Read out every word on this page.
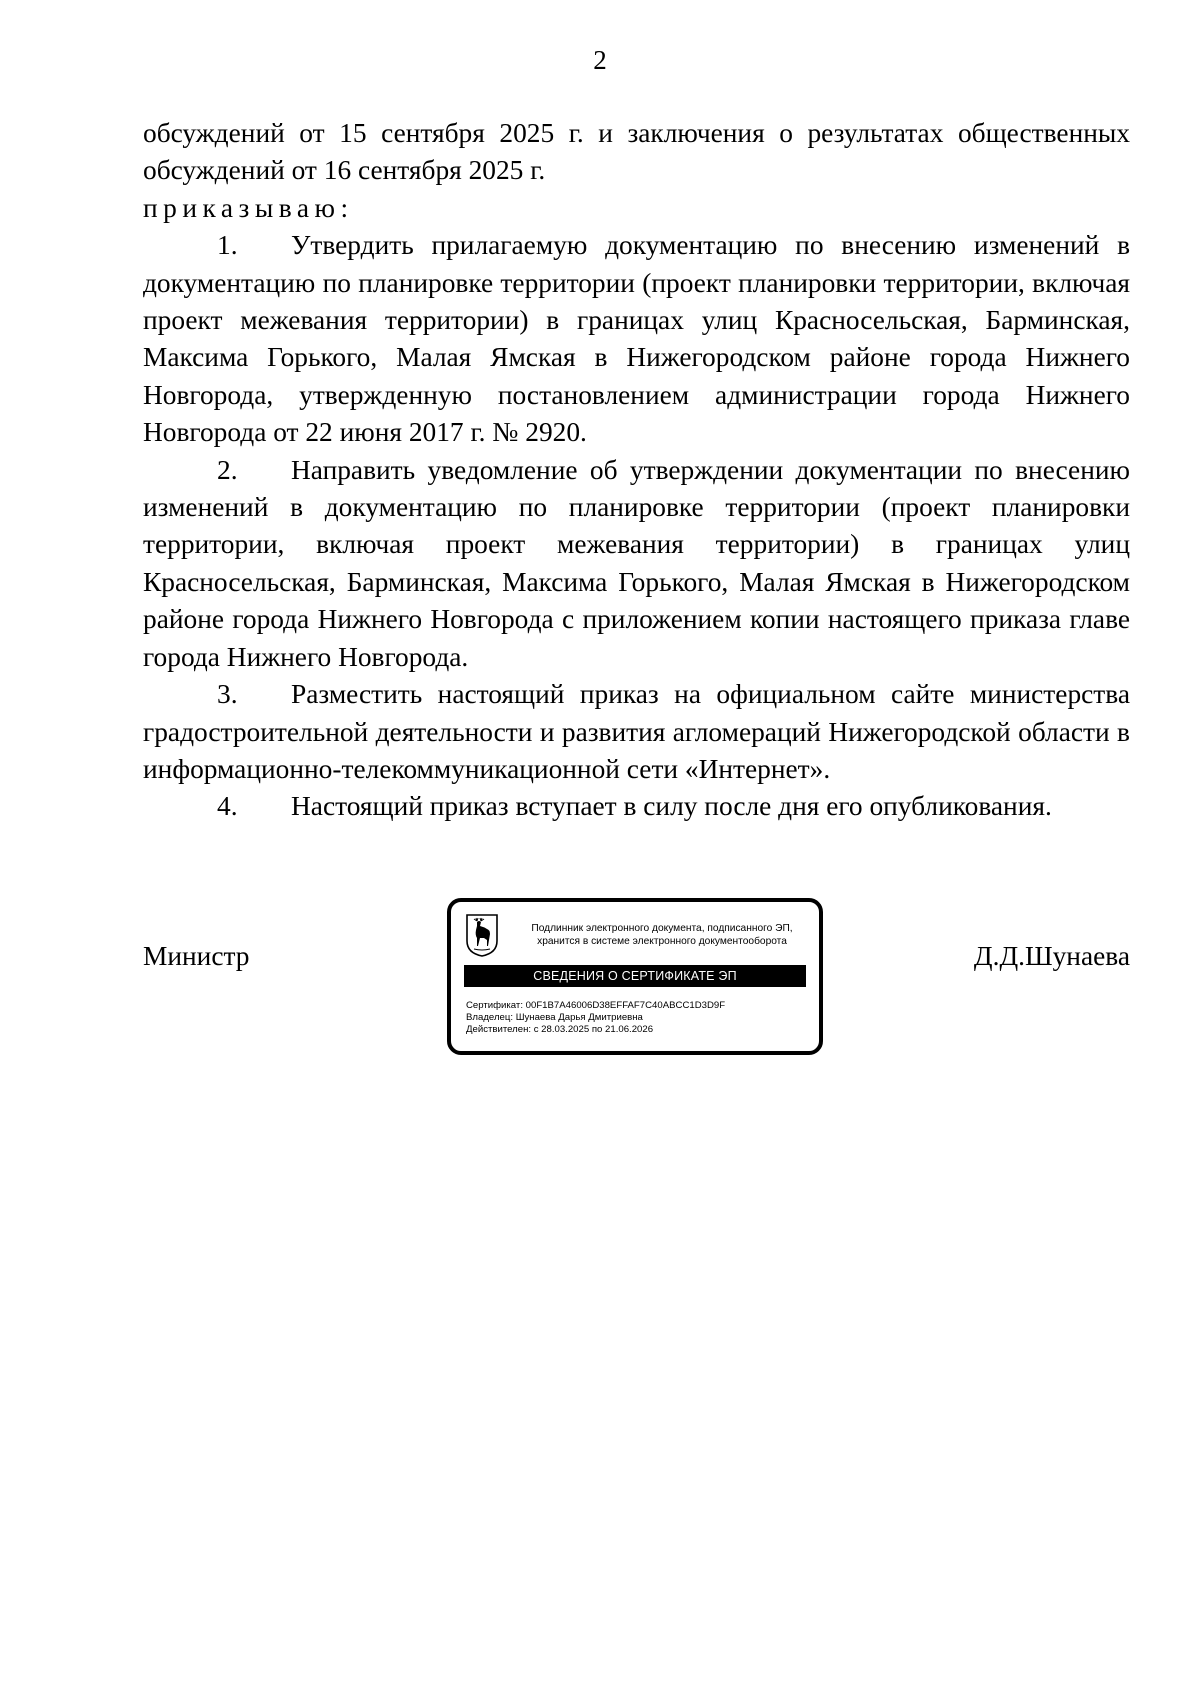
2

обсуждений от 15 сентября 2025 г. и заключения о результатах общественных обсуждений от 16 сентября 2025 г.

приказываю:

1. Утвердить прилагаемую документацию по внесению изменений в документацию по планировке территории (проект планировки территории, включая проект межевания территории) в границах улиц Красносельская, Барминская, Максима Горького, Малая Ямская в Нижегородском районе города Нижнего Новгорода, утвержденную постановлением администрации города Нижнего Новгорода от 22 июня 2017 г. № 2920.

2. Направить уведомление об утверждении документации по внесению изменений в документацию по планировке территории (проект планировки территории, включая проект межевания территории) в границах улиц Красносельская, Барминская, Максима Горького, Малая Ямская в Нижегородском районе города Нижнего Новгорода с приложением копии настоящего приказа главе города Нижнего Новгорода.

3. Разместить настоящий приказ на официальном сайте министерства градостроительной деятельности и развития агломераций Нижегородской области в информационно-телекоммуникационной сети «Интернет».

4. Настоящий приказ вступает в силу после дня его опубликования.

Министр
Подлинник электронного документа, подписанного ЭП,
хранится в системе электронного документооборота
СВЕДЕНИЯ О СЕРТИФИКАТЕ ЭП
Сертификат: 00F1B7A46006D38EFFAF7C40ABCC1D3D9F
Владелец: Шунаева Дарья Дмитриевна
Действителен: с 28.03.2025 по 21.06.2026
Д.Д.Шунаева
